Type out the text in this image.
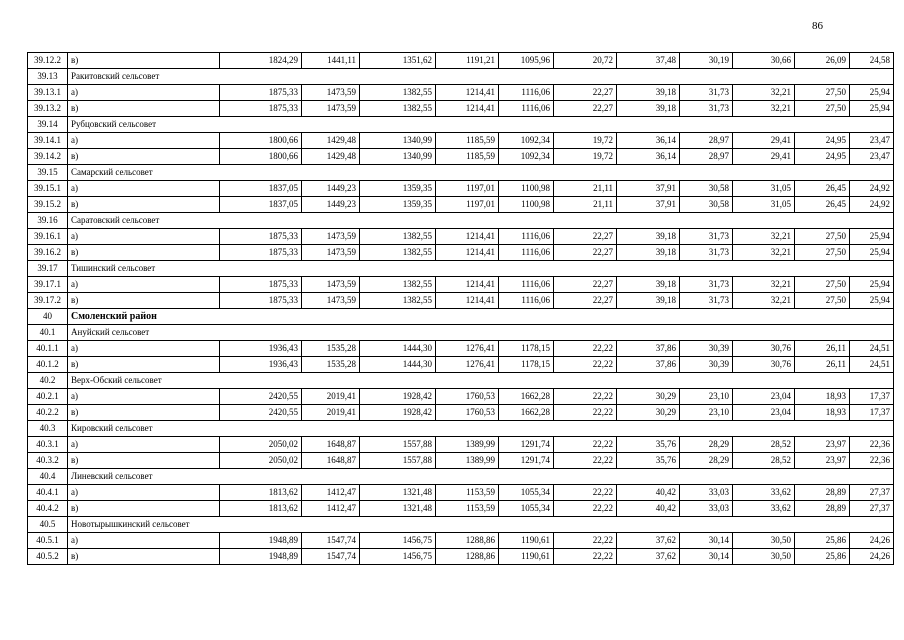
86
39.12.2	в)	1824,29	1441,11	1351,62	1191,21	1095,96	20,72	37,48	30,19	30,66	26,09	24,58
39.13	Ракитовский сельсовет											
39.13.1	а)	1875,33	1473,59	1382,55	1214,41	1116,06	22,27	39,18	31,73	32,21	27,50	25,94
39.13.2	в)	1875,33	1473,59	1382,55	1214,41	1116,06	22,27	39,18	31,73	32,21	27,50	25,94
39.14	Рубцовский сельсовет											
39.14.1	а)	1800,66	1429,48	1340,99	1185,59	1092,34	19,72	36,14	28,97	29,41	24,95	23,47
39.14.2	в)	1800,66	1429,48	1340,99	1185,59	1092,34	19,72	36,14	28,97	29,41	24,95	23,47
39.15	Самарский сельсовет											
39.15.1	а)	1837,05	1449,23	1359,35	1197,01	1100,98	21,11	37,91	30,58	31,05	26,45	24,92
39.15.2	в)	1837,05	1449,23	1359,35	1197,01	1100,98	21,11	37,91	30,58	31,05	26,45	24,92
39.16	Саратовский сельсовет											
39.16.1	а)	1875,33	1473,59	1382,55	1214,41	1116,06	22,27	39,18	31,73	32,21	27,50	25,94
39.16.2	в)	1875,33	1473,59	1382,55	1214,41	1116,06	22,27	39,18	31,73	32,21	27,50	25,94
39.17	Тишинский сельсовет											
39.17.1	а)	1875,33	1473,59	1382,55	1214,41	1116,06	22,27	39,18	31,73	32,21	27,50	25,94
39.17.2	в)	1875,33	1473,59	1382,55	1214,41	1116,06	22,27	39,18	31,73	32,21	27,50	25,94
40	Смоленский район											
40.1	Ануйский сельсовет											
40.1.1	а)	1936,43	1535,28	1444,30	1276,41	1178,15	22,22	37,86	30,39	30,76	26,11	24,51
40.1.2	в)	1936,43	1535,28	1444,30	1276,41	1178,15	22,22	37,86	30,39	30,76	26,11	24,51
40.2	Верх-Обский сельсовет											
40.2.1	а)	2420,55	2019,41	1928,42	1760,53	1662,28	22,22	30,29	23,10	23,04	18,93	17,37
40.2.2	в)	2420,55	2019,41	1928,42	1760,53	1662,28	22,22	30,29	23,10	23,04	18,93	17,37
40.3	Кировский сельсовет											
40.3.1	а)	2050,02	1648,87	1557,88	1389,99	1291,74	22,22	35,76	28,29	28,52	23,97	22,36
40.3.2	в)	2050,02	1648,87	1557,88	1389,99	1291,74	22,22	35,76	28,29	28,52	23,97	22,36
40.4	Линевский сельсовет											
40.4.1	а)	1813,62	1412,47	1321,48	1153,59	1055,34	22,22	40,42	33,03	33,62	28,89	27,37
40.4.2	в)	1813,62	1412,47	1321,48	1153,59	1055,34	22,22	40,42	33,03	33,62	28,89	27,37
40.5	Новотырышкинский сельсовет											
40.5.1	а)	1948,89	1547,74	1456,75	1288,86	1190,61	22,22	37,62	30,14	30,50	25,86	24,26
40.5.2	в)	1948,89	1547,74	1456,75	1288,86	1190,61	22,22	37,62	30,14	30,50	25,86	24,26
